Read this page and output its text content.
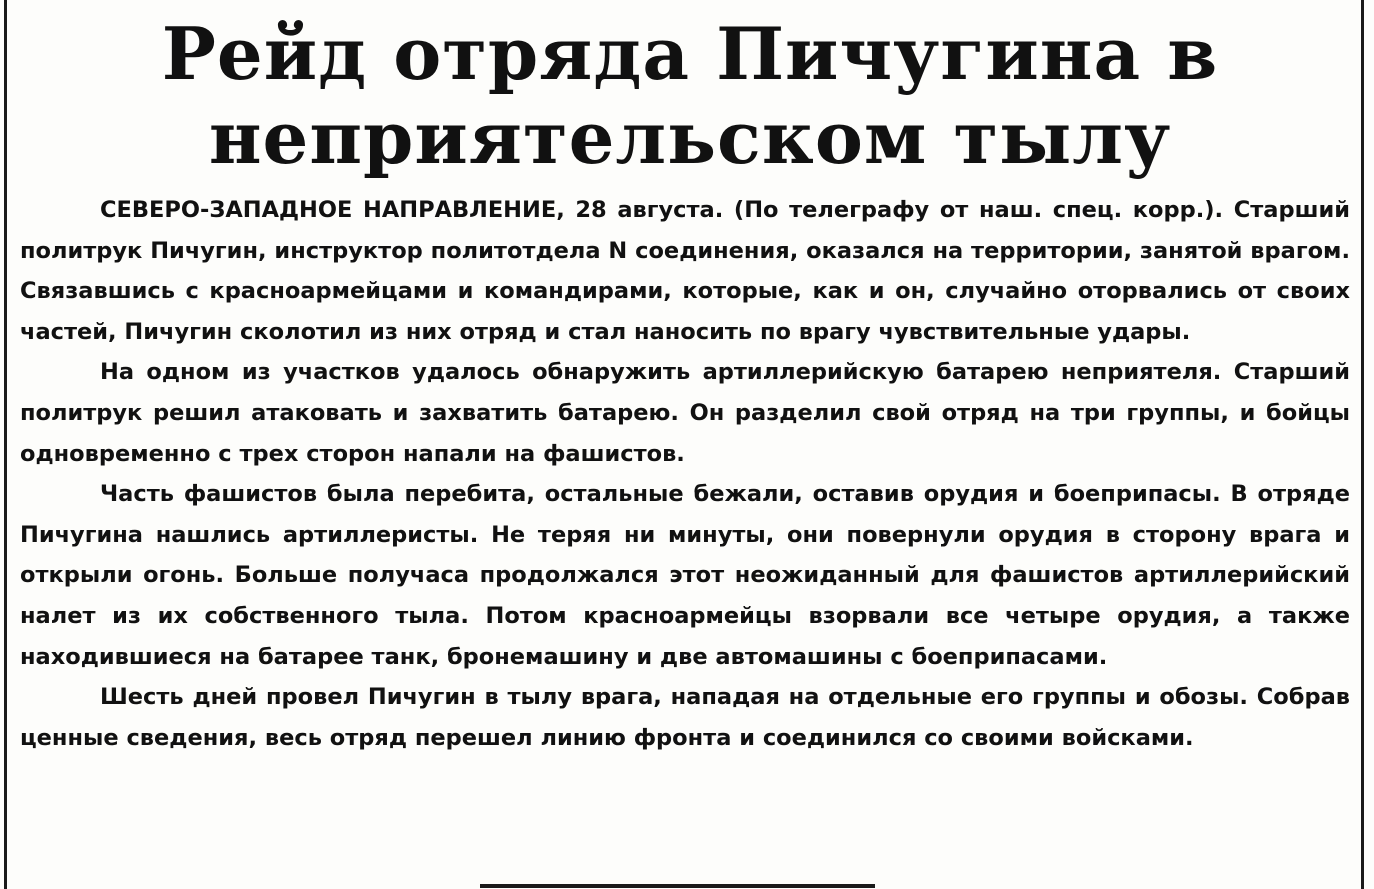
Рейд отряда Пичугина в
неприятельском тылу

СЕВЕРО-ЗАПАДНОЕ НАПРАВЛЕНИЕ, 28 августа. (По телеграфу от наш. спец. корр.). Старший политрук Пичугин, инструктор политотдела N соединения, оказался на территории, занятой врагом. Связавшись с красноармейцами и командирами, которые, как и он, случайно оторвались от своих частей, Пичугин сколотил из них отряд и стал наносить по врагу чувствительные удары.

На одном из участков удалось обнаружить артиллерийскую батарею неприятеля. Старший политрук решил атаковать и захватить батарею. Он разделил свой отряд на три группы, и бойцы одновременно с трех сторон напали на фашистов.

Часть фашистов была перебита, остальные бежали, оставив орудия и боеприпасы. В отряде Пичугина нашлись артиллеристы. Не теряя ни минуты, они повернули орудия в сторону врага и открыли огонь. Больше получаса продолжался этот неожиданный для фашистов артиллерийский налет из их собственного тыла. Потом красноармейцы взорвали все четыре орудия, а также находившиеся на батарее танк, бронемашину и две автомашины с боеприпасами.

Шесть дней провел Пичугин в тылу врага, нападая на отдельные его группы и обозы. Собрав ценные сведения, весь отряд перешел линию фронта и соединился со своими войсками.
